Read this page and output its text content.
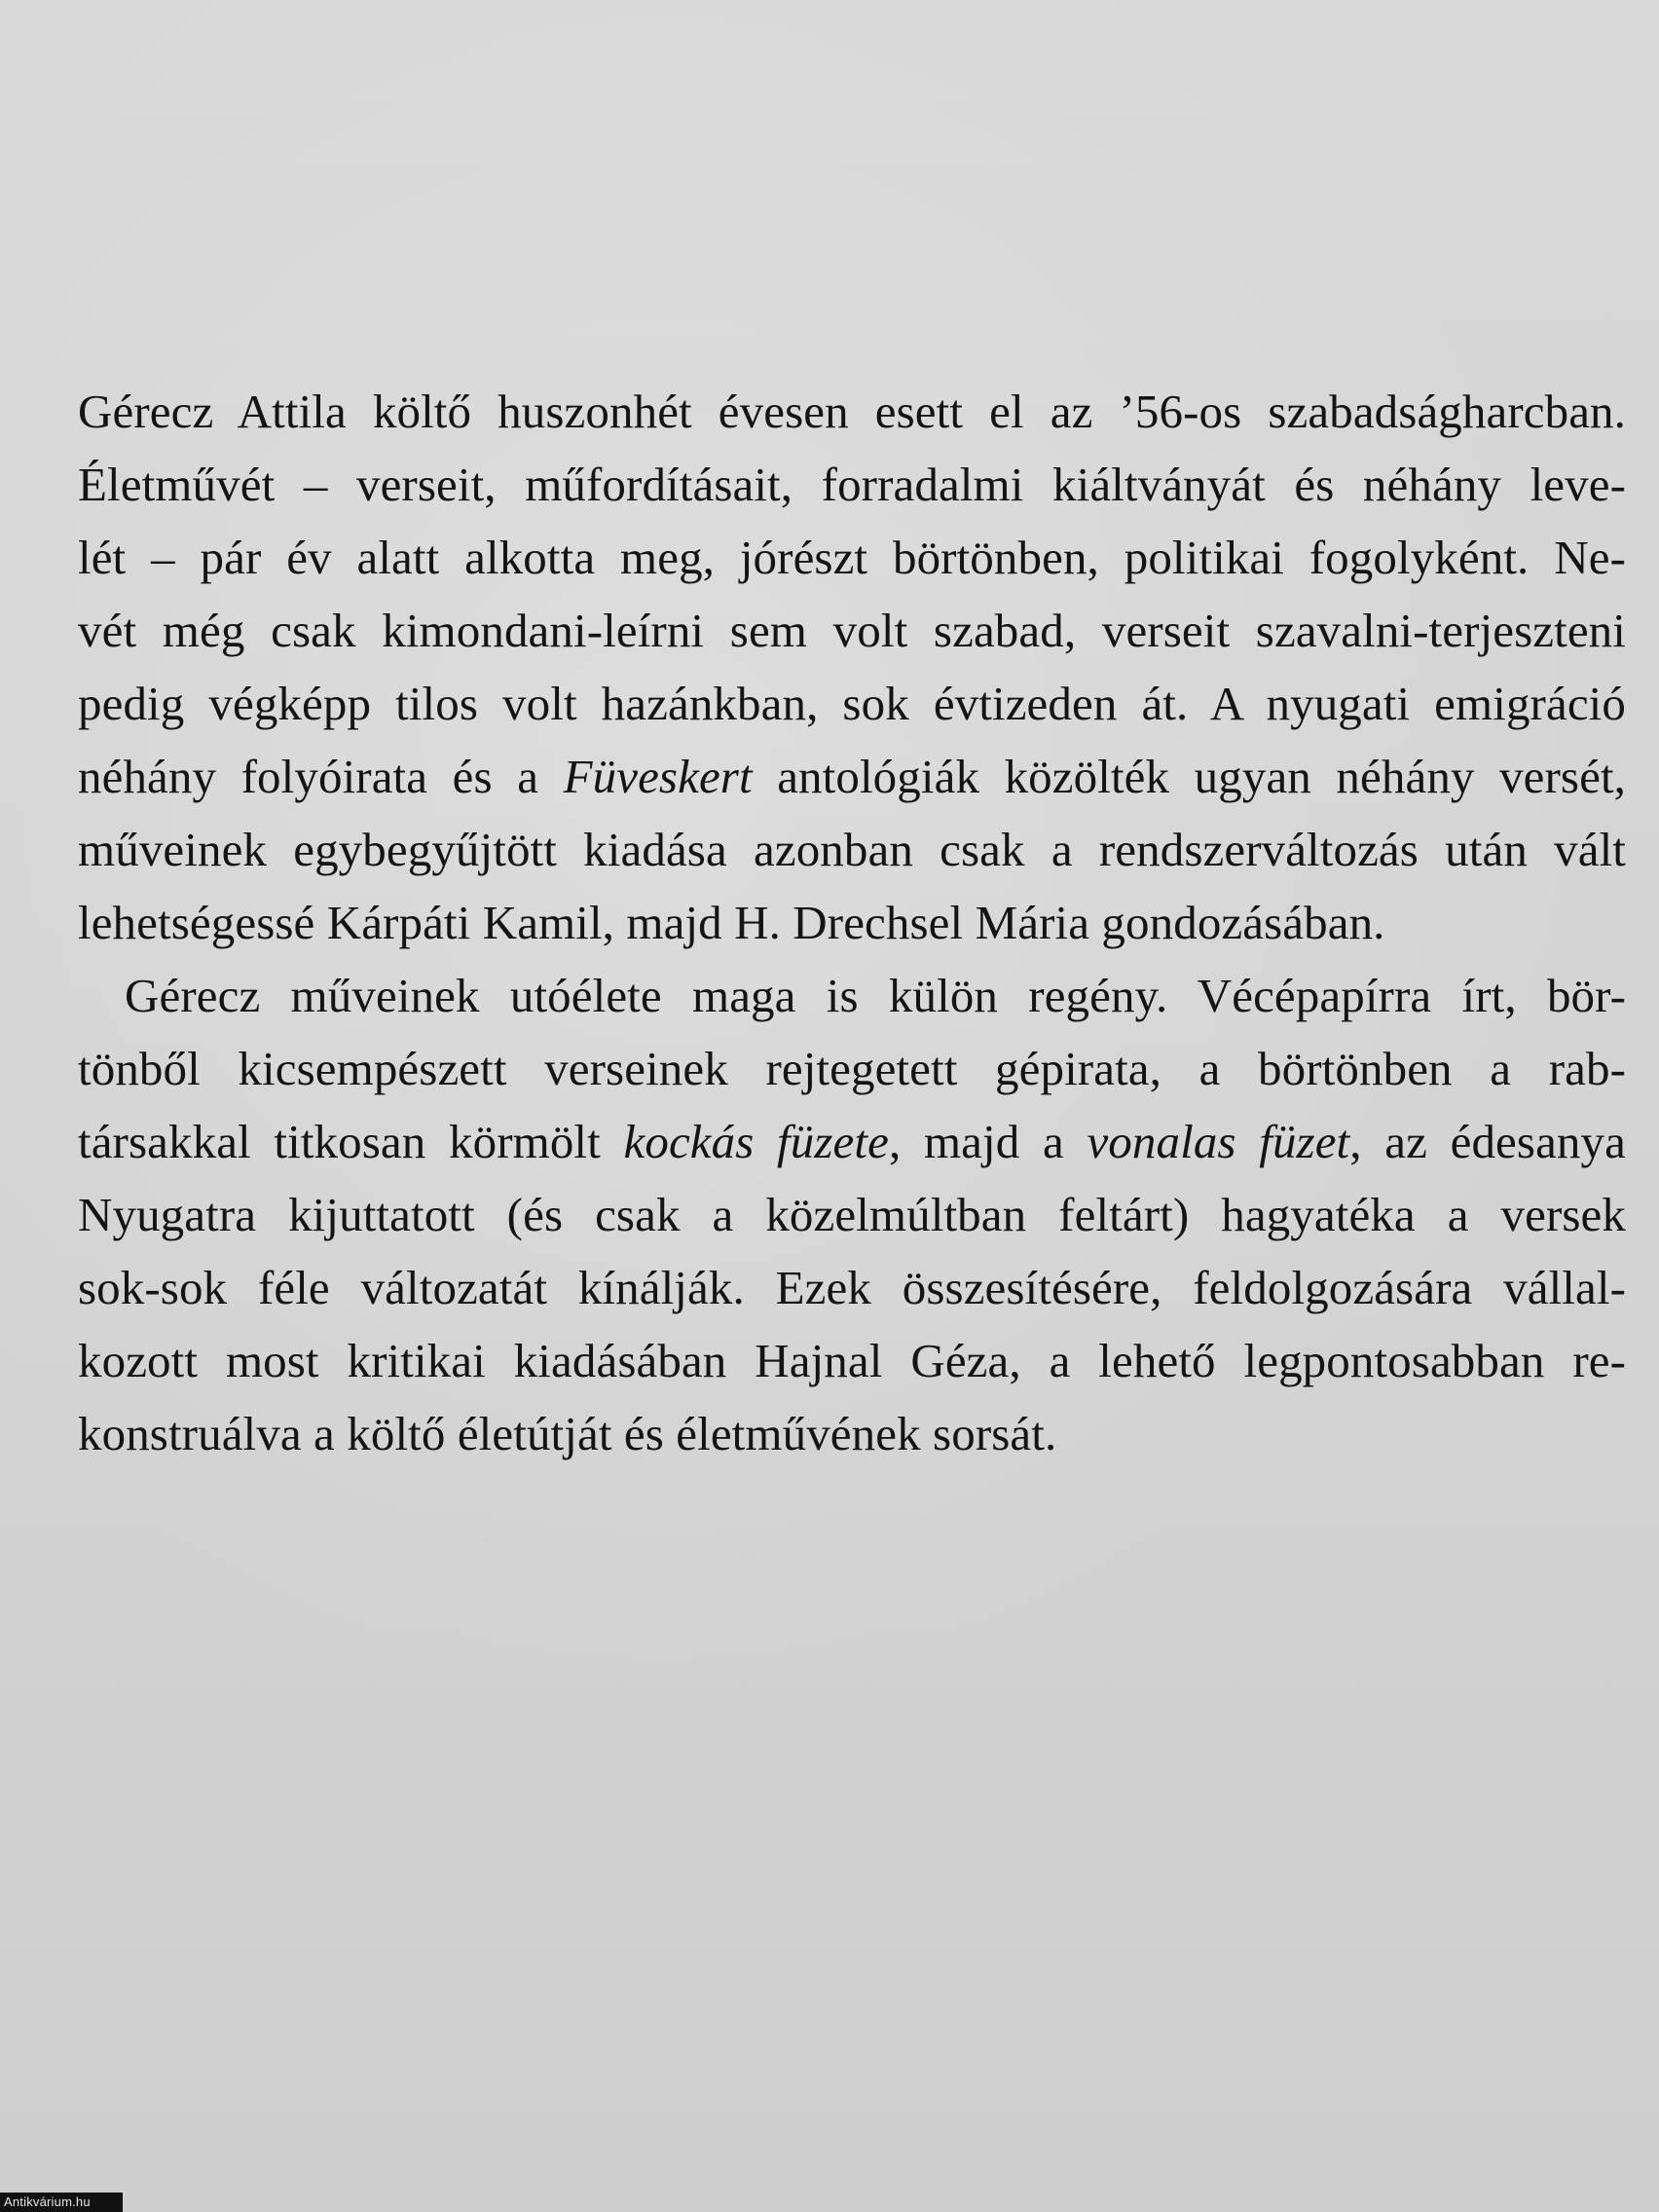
Gérecz Attila költő huszonhét évesen esett el az ’56-os szabadságharcban.
Életművét – verseit, műfordításait, forradalmi kiáltványát és néhány leve-
lét – pár év alatt alkotta meg, jórészt börtönben, politikai fogolyként. Ne-
vét még csak kimondani-leírni sem volt szabad, verseit szavalni-terjeszteni
pedig végképp tilos volt hazánkban, sok évtizeden át. A nyugati emigráció
néhány folyóirata és a Füveskert antológiák közölték ugyan néhány versét,
műveinek egybegyűjtött kiadása azonban csak a rendszerváltozás után vált
lehetségessé Kárpáti Kamil, majd H. Drechsel Mária gondozásában.
Gérecz műveinek utóélete maga is külön regény. Vécépapírra írt, bör-
tönből kicsempészett verseinek rejtegetett gépirata, a börtönben a rab-
társakkal titkosan körmölt kockás füzete, majd a vonalas füzet, az édesanya
Nyugatra kijuttatott (és csak a közelmúltban feltárt) hagyatéka a versek
sok-sok féle változatát kínálják. Ezek összesítésére, feldolgozására vállal-
kozott most kritikai kiadásában Hajnal Géza, a lehető legpontosabban re-
konstruálva a költő életútját és életművének sorsát.
Antikvárium.hu
